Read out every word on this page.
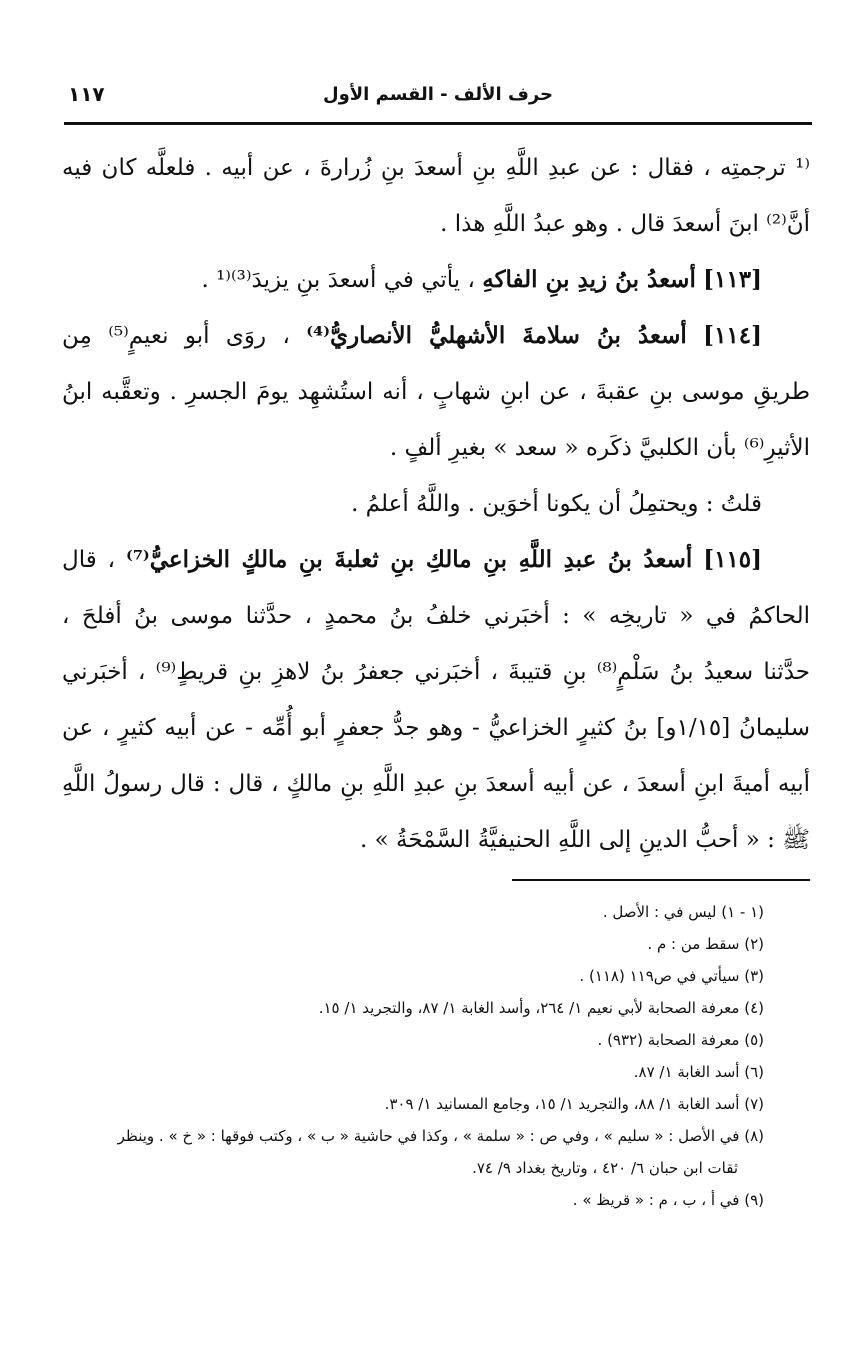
حرف الألف - القسم الأول
١١٧
⁽¹ ترجمتِه ، فقال : عن عبدِ اللَّهِ بنِ أسعدَ بنِ زُرارةَ ، عن أبيه . فلعلَّه كان فيه
أنَّ⁽²⁾ ابنَ أسعدَ قال . وهو عبدُ اللَّهِ هذا .
[١١٣] أسعدُ بنُ زيدِ بنِ الفاكهِ ، يأتي في أسعدَ بنِ يزيدَ⁽³⁾⁽¹ .
[١١٤] أسعدُ بنُ سلامةَ الأشهليُّ الأنصاريُّ⁽⁴⁾ ، روَى أبو نعيمٍ⁽⁵⁾ مِن
طريقِ موسى بنِ عقبةَ ، عن ابنِ شهابٍ ، أنه استُشهِد يومَ الجسرِ . وتعقَّبه ابنُ
الأثيرِ⁽⁶⁾ بأن الكلبيَّ ذكَره « سعد » بغيرِ ألفٍ .
قلتُ : ويحتمِلُ أن يكونا أخوَين . واللَّهُ أعلمُ .
[١١٥] أسعدُ بنُ عبدِ اللَّهِ بنِ مالكِ بنِ ثعلبةَ بنِ مالكٍ الخزاعيُّ⁽⁷⁾ ، قال
الحاكمُ في « تاريخِه » : أخبَرني خلفُ بنُ محمدٍ ، حدَّثنا موسى بنُ أفلحَ ،
حدَّثنا سعيدُ بنُ سَلْمٍ⁽⁸⁾ بنِ قتيبةَ ، أخبَرني جعفرُ بنُ لاهزِ بنِ قريطٍ⁽⁹⁾ ، أخبَرني
سليمانُ [١/١٥و] بنُ كثيرٍ الخزاعيُّ - وهو جدُّ جعفرٍ أبو أُمِّه - عن أبيه كثيرٍ ، عن
أبيه أميةَ ابنِ أسعدَ ، عن أبيه أسعدَ بنِ عبدِ اللَّهِ بنِ مالكٍ ، قال : قال رسولُ اللَّهِ
ﷺ : « أحبُّ الدينِ إلى اللَّهِ الحنيفيَّةُ السَّمْحَةُ » .
(١ - ١) ليس في : الأصل .
(٢) سقط من : م .
(٣) سيأتي في ص١١٩ (١١٨) .
(٤) معرفة الصحابة لأبي نعيم ١/ ٢٦٤، وأسد الغابة ١/ ٨٧، والتجريد ١/ ١٥.
(٥) معرفة الصحابة (٩٣٢) .
(٦) أسد الغابة ١/ ٨٧.
(٧) أسد الغابة ١/ ٨٨، والتجريد ١/ ١٥، وجامع المسانيد ١/ ٣٠٩.
(٨) في الأصل : « سليم » ، وفي ص : « سلمة » ، وكذا في حاشية « ب » ، وكتب فوقها : « خ » . وينظر
ثقات ابن حبان ٦/ ٤٢٠ ، وتاريخ بغداد ٩/ ٧٤.
(٩) في أ ، ب ، م : « قريظ » .
